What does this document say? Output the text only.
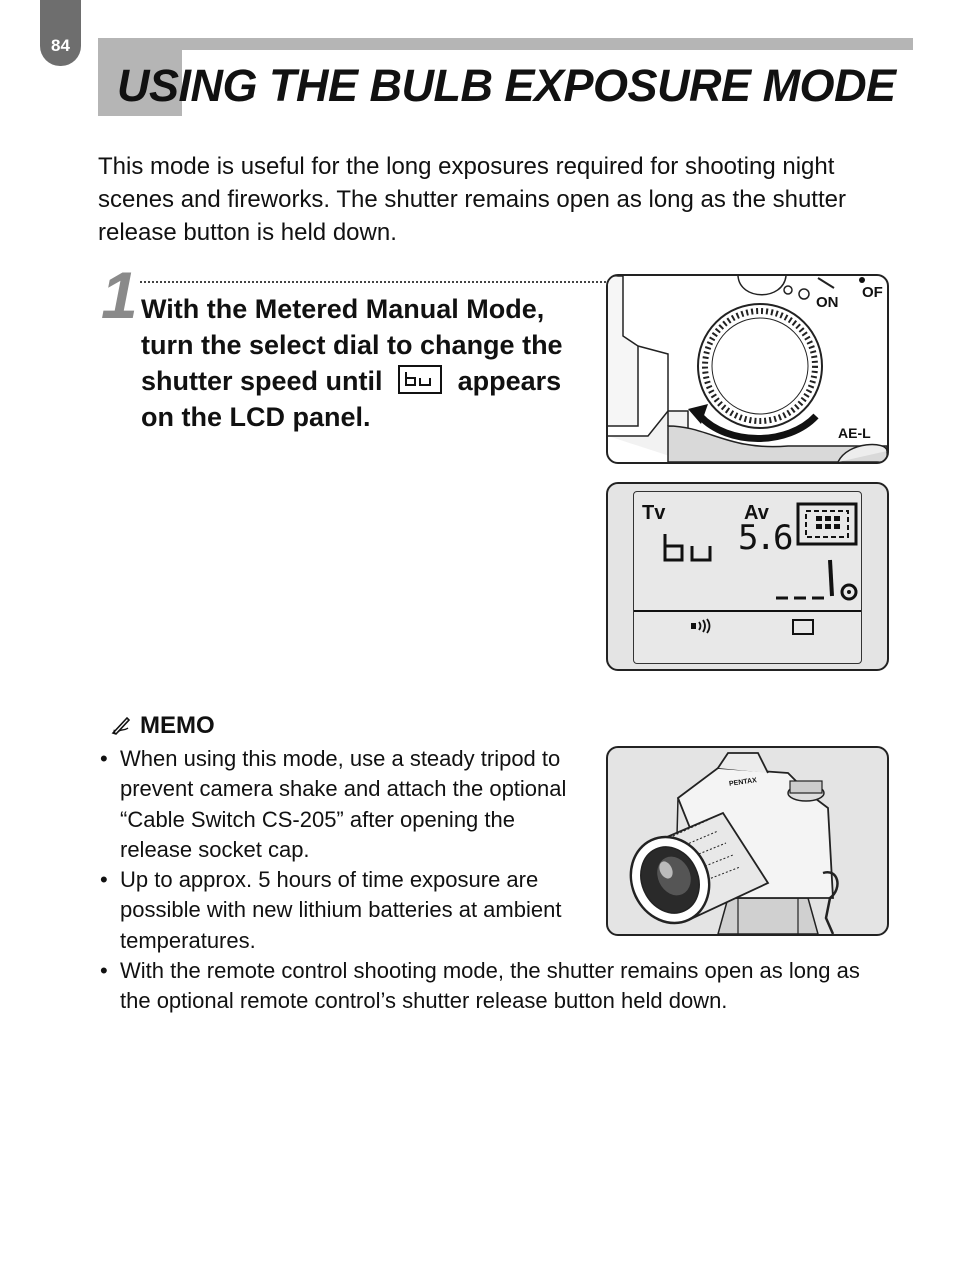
84
USING THE BULB EXPOSURE MODE

This mode is useful for the long exposures required for shooting night scenes and fireworks. The shutter remains open as long as the shutter release button is held down.

1 With the Metered Manual Mode, turn the select dial to change the shutter speed until	appears on the LCD panel.

ON
OF
AE-L
Tv	Av
5.6
MEMO
• When using this mode, use a steady tripod to prevent camera shake and attach the optional “Cable Switch CS-205” after opening the release socket cap.
• Up to approx. 5 hours of time exposure are possible with new lithium batteries at ambient temperatures.
• With the remote control shooting mode, the shutter remains open as long as the optional remote control’s shutter release button held down.
PENTAX
